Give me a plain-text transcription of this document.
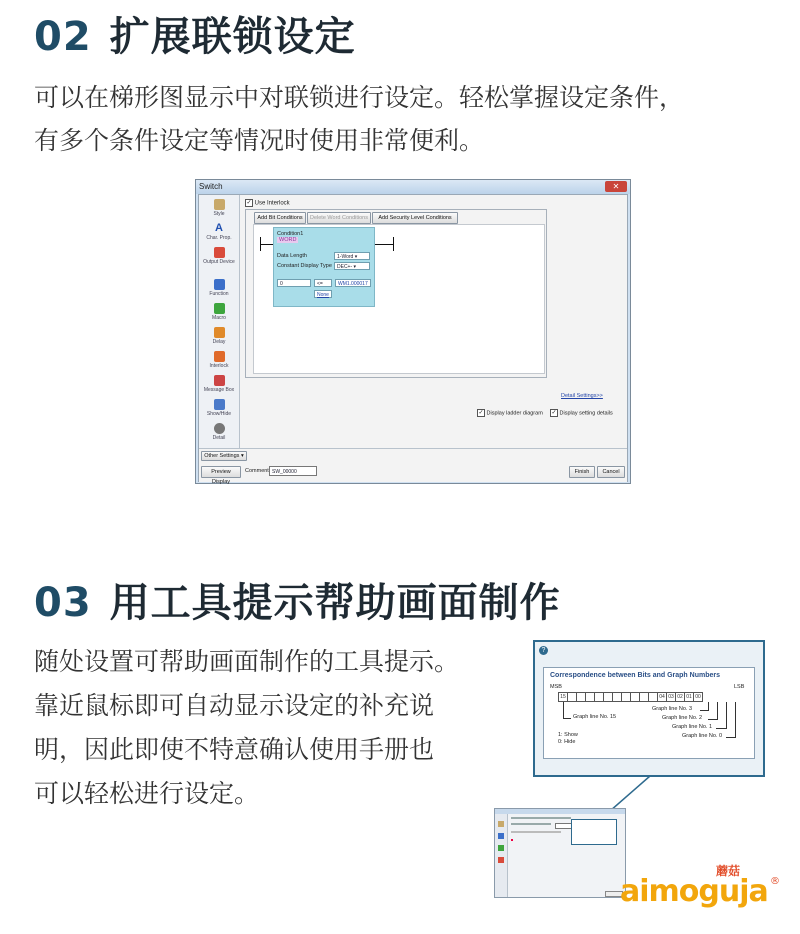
02 扩展联锁设定
可以在梯形图显示中对联锁进行设定。轻松掌握设定条件，
有多个条件设定等情况时使用非常便利。
Switch	✕
Style
A
Char. Prop.
Output Device
Function
Macro
Delay
Interlock
Message Box
Show/Hide
Detail
✓ Use Interlock
Add Bit Conditions	Delete Word Conditions	Add Security Level Conditions
Condition1
WORD
Data Length	1-Word ▾
Constant Display Type	DEC+- ▾
0	<=	WM1.000017
None
Detail Settings>>
✓ Display ladder diagram ✓ Display setting details
Other Settings ▾
Preview Display
Comment SW_00000	Finish	Cancel
03 用工具提示帮助画面制作
随处设置可帮助画面制作的工具提示。
靠近鼠标即可自动显示设定的补充说
明，因此即使不特意确认使用手册也
可以轻松进行设定。
?
Correspondence between Bits and Graph Numbers
MSB	LSB
15	04 03 02 01 00
Graph line No. 15
Graph line No. 3
Graph line No. 2
Graph line No. 1
Graph line No. 0
1: Show
0: Hide
蘑菇
aimoguja ®
